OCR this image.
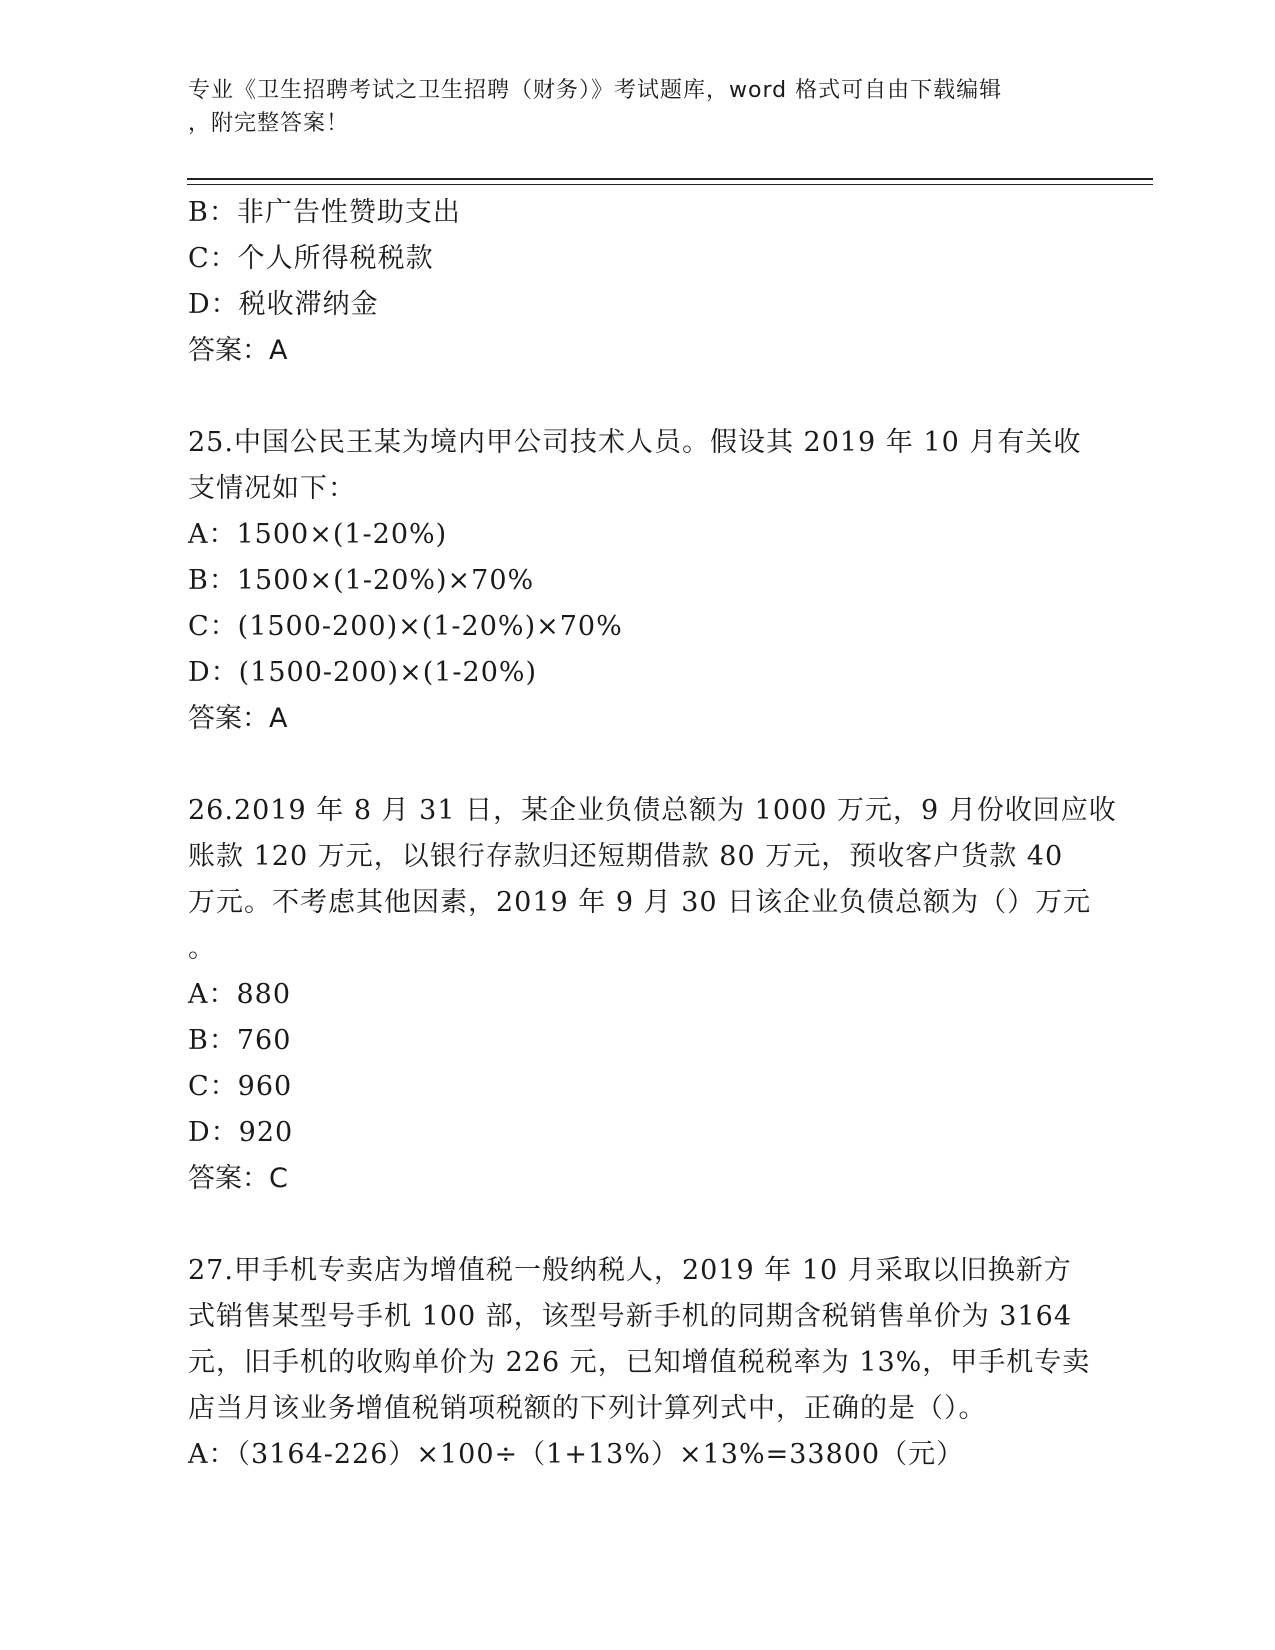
专业《卫生招聘考试之卫生招聘（财务）》考试题库，word 格式可自由下载编辑
，附完整答案！
B：非广告性赞助支出
C：个人所得税税款
D：税收滞纳金
答案：A
25.中国公民王某为境内甲公司技术人员。假设其 2019 年 10 月有关收
支情况如下：
A：1500×(1-20%)
B：1500×(1-20%)×70%
C：(1500-200)×(1-20%)×70%
D：(1500-200)×(1-20%)
答案：A
26.2019 年 8 月 31 日，某企业负债总额为 1000 万元，9 月份收回应收
账款 120 万元，以银行存款归还短期借款 80 万元，预收客户货款 40
万元。不考虑其他因素，2019 年 9 月 30 日该企业负债总额为（）万元
。
A：880
B：760
C：960
D：920
答案：C
27.甲手机专卖店为增值税一般纳税人，2019 年 10 月采取以旧换新方
式销售某型号手机 100 部，该型号新手机的同期含税销售单价为 3164
元，旧手机的收购单价为 226 元，已知增值税税率为 13%，甲手机专卖
店当月该业务增值税销项税额的下列计算列式中，正确的是（）。
A：（3164-226）×100÷（1+13%）×13%=33800（元）
